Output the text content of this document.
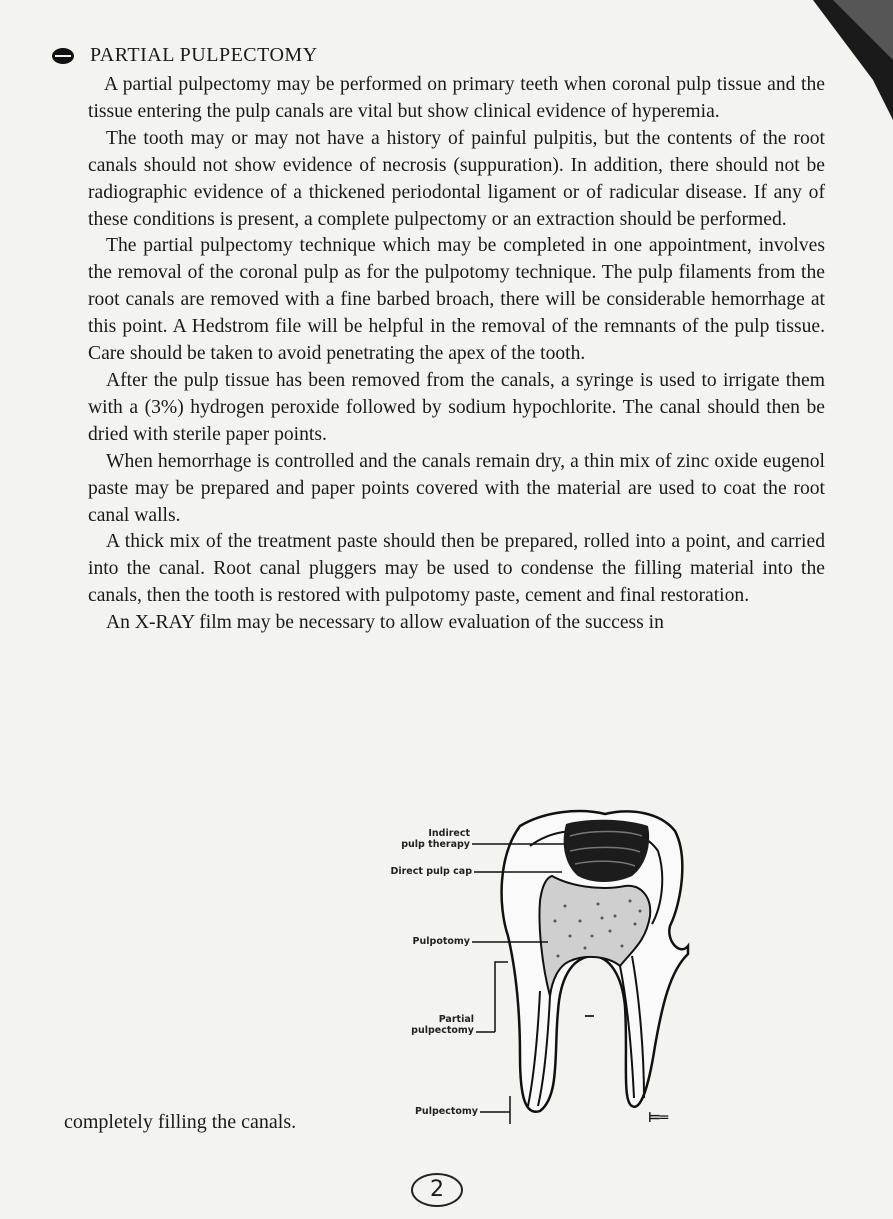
PARTIAL PULPECTOMY

A partial pulpectomy may be performed on primary teeth when coronal pulp tissue and the tissue entering the pulp canals are vital but show clinical evidence of hyperemia.

The tooth may or may not have a history of painful pulpitis, but the contents of the root canals should not show evidence of necrosis (suppuration). In addition, there should not be radiographic evidence of a thickened periodontal ligament or of radicular disease. If any of these conditions is present, a complete pulpectomy or an extraction should be performed.

The partial pulpectomy technique which may be completed in one appointment, involves the removal of the coronal pulp as for the pulpotomy technique. The pulp filaments from the root canals are removed with a fine barbed broach, there will be considerable hemorrhage at this point. A Hedstrom file will be helpful in the removal of the remnants of the pulp tissue. Care should be taken to avoid penetrating the apex of the tooth.

After the pulp tissue has been removed from the canals, a syringe is used to irrigate them with a (3%) hydrogen peroxide followed by sodium hypochlorite. The canal should then be dried with sterile paper points.

When hemorrhage is controlled and the canals remain dry, a thin mix of zinc oxide eugenol paste may be prepared and paper points covered with the material are used to coat the root canal walls.

A thick mix of the treatment paste should then be prepared, rolled into a point, and carried into the canal. Root canal pluggers may be used to condense the filling material into the canals, then the tooth is restored with pulpotomy paste, cement and final restoration.

An X-RAY film may be necessary to allow evaluation of the success in

Indirect
pulp therapy
Direct pulp cap
Pulpotomy
Partial
pulpectomy
Pulpectomy
completely filling the canals.	⊨═
2
